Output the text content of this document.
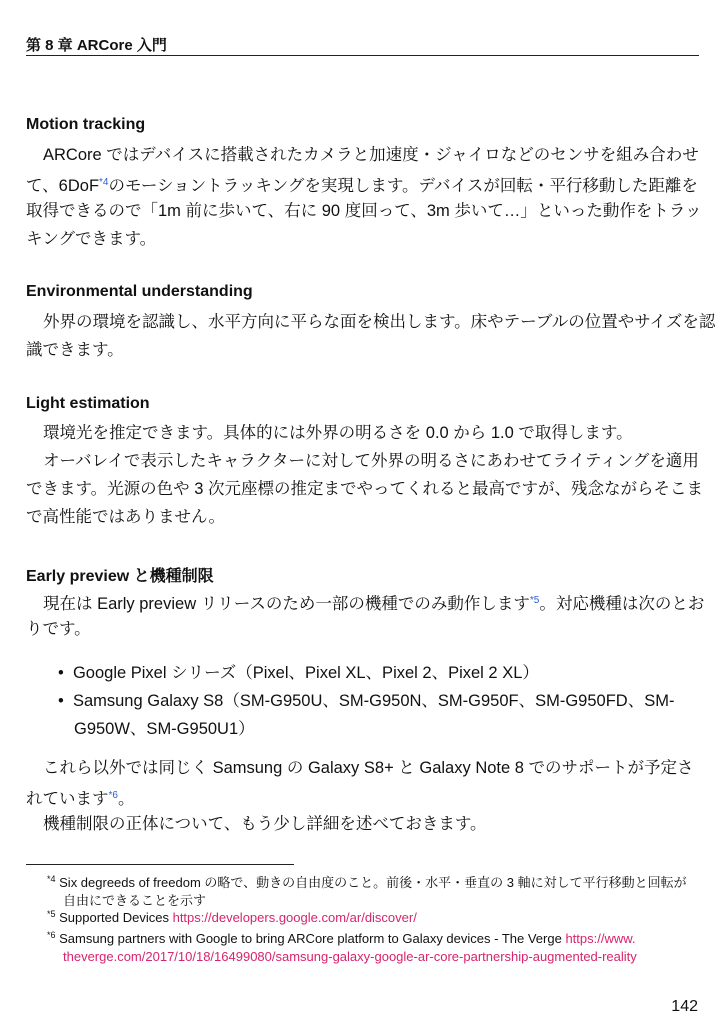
第 8 章 ARCore 入門
Motion tracking
ARCore ではデバイスに搭載されたカメラと加速度・ジャイロなどのセンサを組み合わせ
て、6DoF$^{*4}$のモーショントラッキングを実現します。デバイスが回転・平行移動した距離を
取得できるので「1m 前に歩いて、右に 90 度回って、3m 歩いて…」といった動作をトラッ
キングできます。
Environmental understanding
外界の環境を認識し、水平方向に平らな面を検出します。床やテーブルの位置やサイズを認
識できます。
Light estimation
環境光を推定できます。具体的には外界の明るさを 0.0 から 1.0 で取得します。
オーバレイで表示したキャラクターに対して外界の明るさにあわせてライティングを適用
できます。光源の色や 3 次元座標の推定までやってくれると最高ですが、残念ながらそこま
で高性能ではありません。
Early preview と機種制限
現在は Early preview リリースのため一部の機種でのみ動作します$^{*5}$。対応機種は次のとお
りです。
•  Google Pixel シリーズ（Pixel、Pixel XL、Pixel 2、Pixel 2 XL）
•  Samsung Galaxy S8（SM-G950U、SM-G950N、SM-G950F、SM-G950FD、SM-
G950W、SM-G950U1）
これら以外では同じく Samsung の Galaxy S8+ と Galaxy Note 8 でのサポートが予定さ
れています$^{*6}$。
機種制限の正体について、もう少し詳細を述べておきます。
$^{*4}$ Six degreeds of freedom の略で、動きの自由度のこと。前後・水平・垂直の 3 軸に対して平行移動と回転が
自由にできることを示す
$^{*5}$ Supported Devices https://developers.google.com/ar/discover/
$^{*6}$ Samsung partners with Google to bring ARCore platform to Galaxy devices - The Verge https://www.
theverge.com/2017/10/18/16499080/samsung-galaxy-google-ar-core-partnership-augmented-reality
142
